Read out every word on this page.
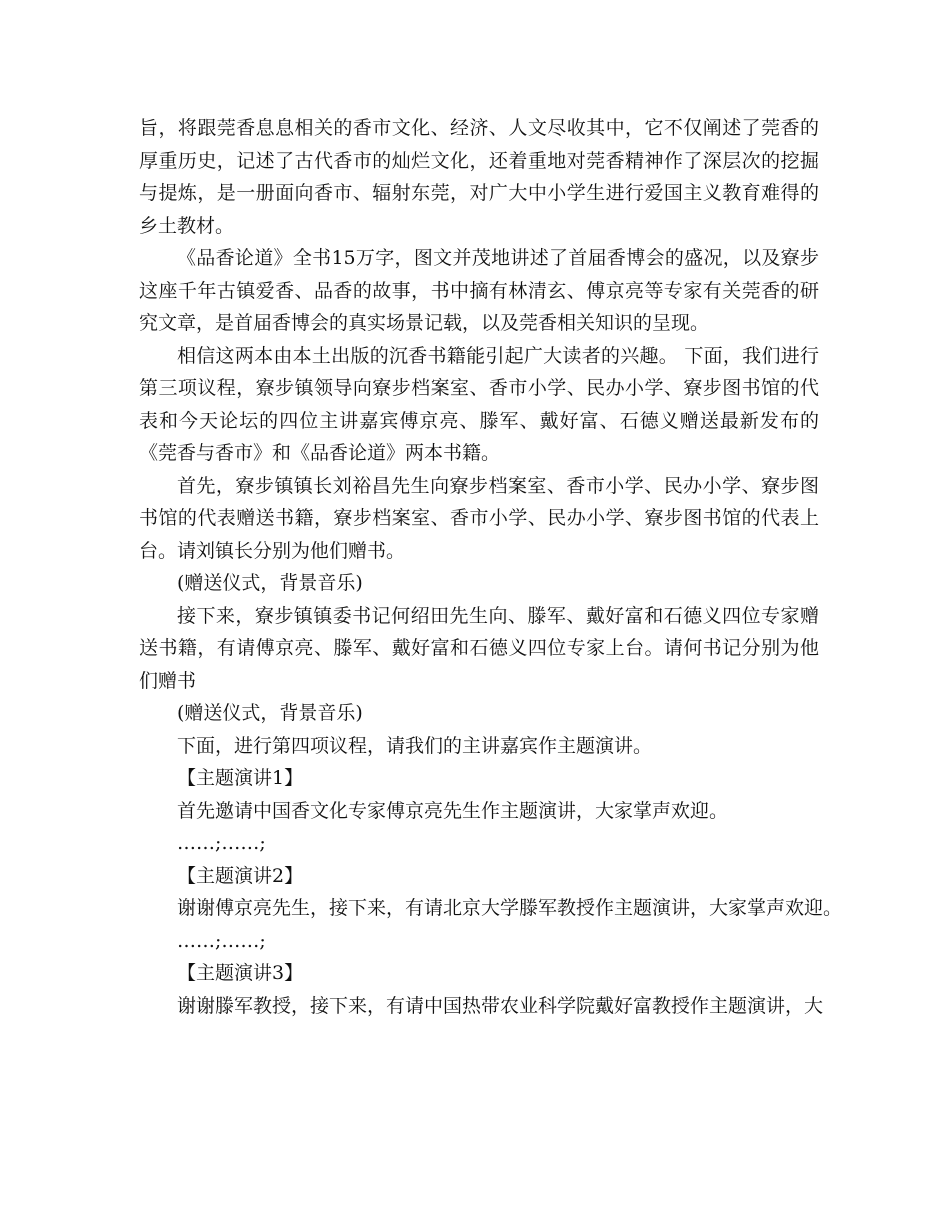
旨，将跟莞香息息相关的香市文化、经济、人文尽收其中，它不仅阐述了莞香的厚重历史，记述了古代香市的灿烂文化，还着重地对莞香精神作了深层次的挖掘与提炼，是一册面向香市、辐射东莞，对广大中小学生进行爱国主义教育难得的乡土教材。

《品香论道》全书15万字，图文并茂地讲述了首届香博会的盛况，以及寮步这座千年古镇爱香、品香的故事，书中摘有林清玄、傅京亮等专家有关莞香的研究文章，是首届香博会的真实场景记载，以及莞香相关知识的呈现。

相信这两本由本土出版的沉香书籍能引起广大读者的兴趣。 下面，我们进行第三项议程，寮步镇领导向寮步档案室、香市小学、民办小学、寮步图书馆的代表和今天论坛的四位主讲嘉宾傅京亮、滕军、戴好富、石德义赠送最新发布的《莞香与香市》和《品香论道》两本书籍。

首先，寮步镇镇长刘裕昌先生向寮步档案室、香市小学、民办小学、寮步图书馆的代表赠送书籍，寮步档案室、香市小学、民办小学、寮步图书馆的代表上台。请刘镇长分别为他们赠书。

(赠送仪式，背景音乐)

接下来，寮步镇镇委书记何绍田先生向、滕军、戴好富和石德义四位专家赠送书籍，有请傅京亮、滕军、戴好富和石德义四位专家上台。请何书记分别为他们赠书

(赠送仪式，背景音乐)

下面，进行第四项议程，请我们的主讲嘉宾作主题演讲。

【主题演讲1】

首先邀请中国香文化专家傅京亮先生作主题演讲，大家掌声欢迎。

……;……;

【主题演讲2】

谢谢傅京亮先生，接下来，有请北京大学滕军教授作主题演讲，大家掌声欢迎。

……;……;

【主题演讲3】

谢谢滕军教授，接下来，有请中国热带农业科学院戴好富教授作主题演讲，大
